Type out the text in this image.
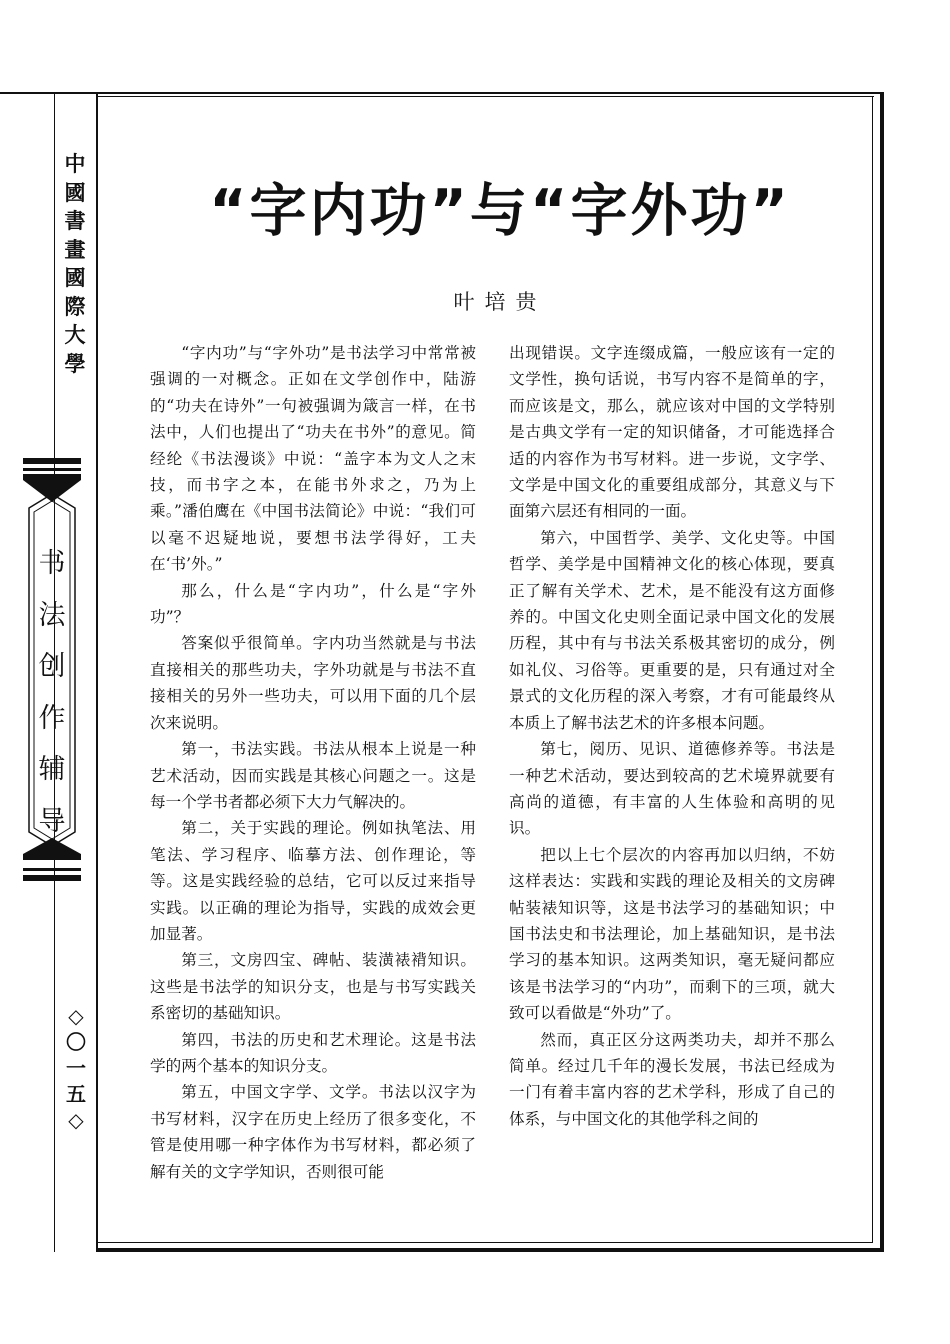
中
國
書
畫
國
際
大
學
书
法
创
作
辅
导
◇
〇
一
五
◇
“字内功”与“字外功”
叶培贵

“字内功”与“字外功”是书法学习中常常被强调的一对概念。正如在文学创作中，陆游的“功夫在诗外”一句被强调为箴言一样，在书法中，人们也提出了“功夫在书外”的意见。简经纶《书法漫谈》中说：“盖字本为文人之末技，而书字之本，在能书外求之，乃为上乘。”潘伯鹰在《中国书法简论》中说：“我们可以毫不迟疑地说，要想书法学得好，工夫在‘书’外。”

那么，什么是“字内功”，什么是“字外功”？

答案似乎很简单。字内功当然就是与书法直接相关的那些功夫，字外功就是与书法不直接相关的另外一些功夫，可以用下面的几个层次来说明。

第一，书法实践。书法从根本上说是一种艺术活动，因而实践是其核心问题之一。这是每一个学书者都必须下大力气解决的。

第二，关于实践的理论。例如执笔法、用笔法、学习程序、临摹方法、创作理论，等等。这是实践经验的总结，它可以反过来指导实践。以正确的理论为指导，实践的成效会更加显著。

第三，文房四宝、碑帖、装潢裱褙知识。这些是书法学的知识分支，也是与书写实践关系密切的基础知识。

第四，书法的历史和艺术理论。这是书法学的两个基本的知识分支。

第五，中国文字学、文学。书法以汉字为书写材料，汉字在历史上经历了很多变化，不管是使用哪一种字体作为书写材料，都必须了解有关的文字学知识，否则很可能

出现错误。文字连缀成篇，一般应该有一定的文学性，换句话说，书写内容不是简单的字，而应该是文，那么，就应该对中国的文学特别是古典文学有一定的知识储备，才可能选择合适的内容作为书写材料。进一步说，文字学、文学是中国文化的重要组成部分，其意义与下面第六层还有相同的一面。

第六，中国哲学、美学、文化史等。中国哲学、美学是中国精神文化的核心体现，要真正了解有关学术、艺术，是不能没有这方面修养的。中国文化史则全面记录中国文化的发展历程，其中有与书法关系极其密切的成分，例如礼仪、习俗等。更重要的是，只有通过对全景式的文化历程的深入考察，才有可能最终从本质上了解书法艺术的许多根本问题。

第七，阅历、见识、道德修养等。书法是一种艺术活动，要达到较高的艺术境界就要有高尚的道德，有丰富的人生体验和高明的见识。

把以上七个层次的内容再加以归纳，不妨这样表达：实践和实践的理论及相关的文房碑帖装裱知识等，这是书法学习的基础知识；中国书法史和书法理论，加上基础知识，是书法学习的基本知识。这两类知识，毫无疑问都应该是书法学习的“内功”，而剩下的三项，就大致可以看做是“外功”了。

然而，真正区分这两类功夫，却并不那么简单。经过几千年的漫长发展，书法已经成为一门有着丰富内容的艺术学科，形成了自己的体系，与中国文化的其他学科之间的
